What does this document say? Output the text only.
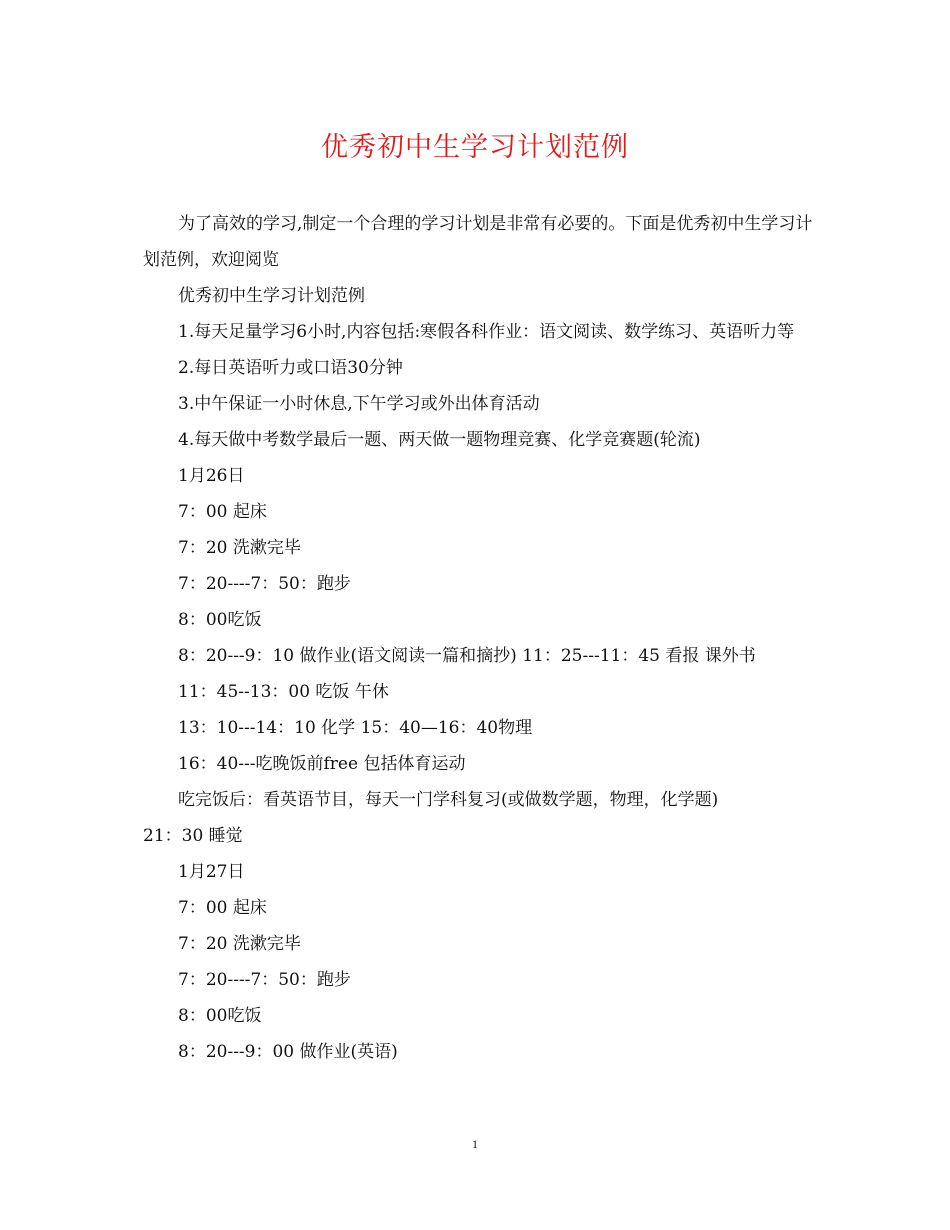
优秀初中生学习计划范例

为了高效的学习,制定一个合理的学习计划是非常有必要的。下面是优秀初中生学习计划范例，欢迎阅览

优秀初中生学习计划范例

1.每天足量学习6小时,内容包括:寒假各科作业：语文阅读、数学练习、英语听力等

2.每日英语听力或口语30分钟

3.中午保证一小时休息,下午学习或外出体育活动

4.每天做中考数学最后一题、两天做一题物理竞赛、化学竞赛题(轮流)

1月26日

7：00 起床

7：20 洗漱完毕

7：20----7：50：跑步

8：00吃饭

8：20---9：10 做作业(语文阅读一篇和摘抄) 11：25---11：45 看报 课外书

11：45--13：00 吃饭 午休

13：10---14：10 化学 15：40—16：40物理

16：40---吃晚饭前free 包括体育运动

吃完饭后：看英语节目，每天一门学科复习(或做数学题，物理，化学题)

21：30 睡觉

1月27日

7：00 起床

7：20 洗漱完毕

7：20----7：50：跑步

8：00吃饭

8：20---9：00 做作业(英语)

1
